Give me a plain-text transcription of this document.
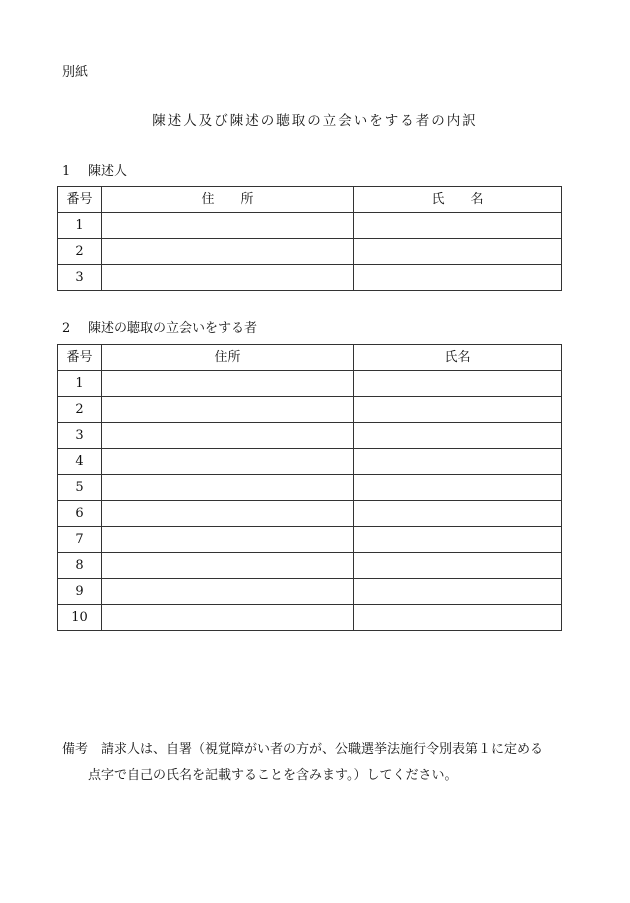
別紙
陳述人及び陳述の聴取の立会いをする者の内訳
1 陳述人
番号	住　　所	氏　　名
1		
2		
3		
2 陳述の聴取の立会いをする者
番号	住所	氏名
1		
2		
3		
4		
5		
6		
7		
8		
9		
10		
備考 請求人は、自署（視覚障がい者の方が、公職選挙法施行令別表第１に定める
点字で自己の氏名を記載することを含みます。）してください。
